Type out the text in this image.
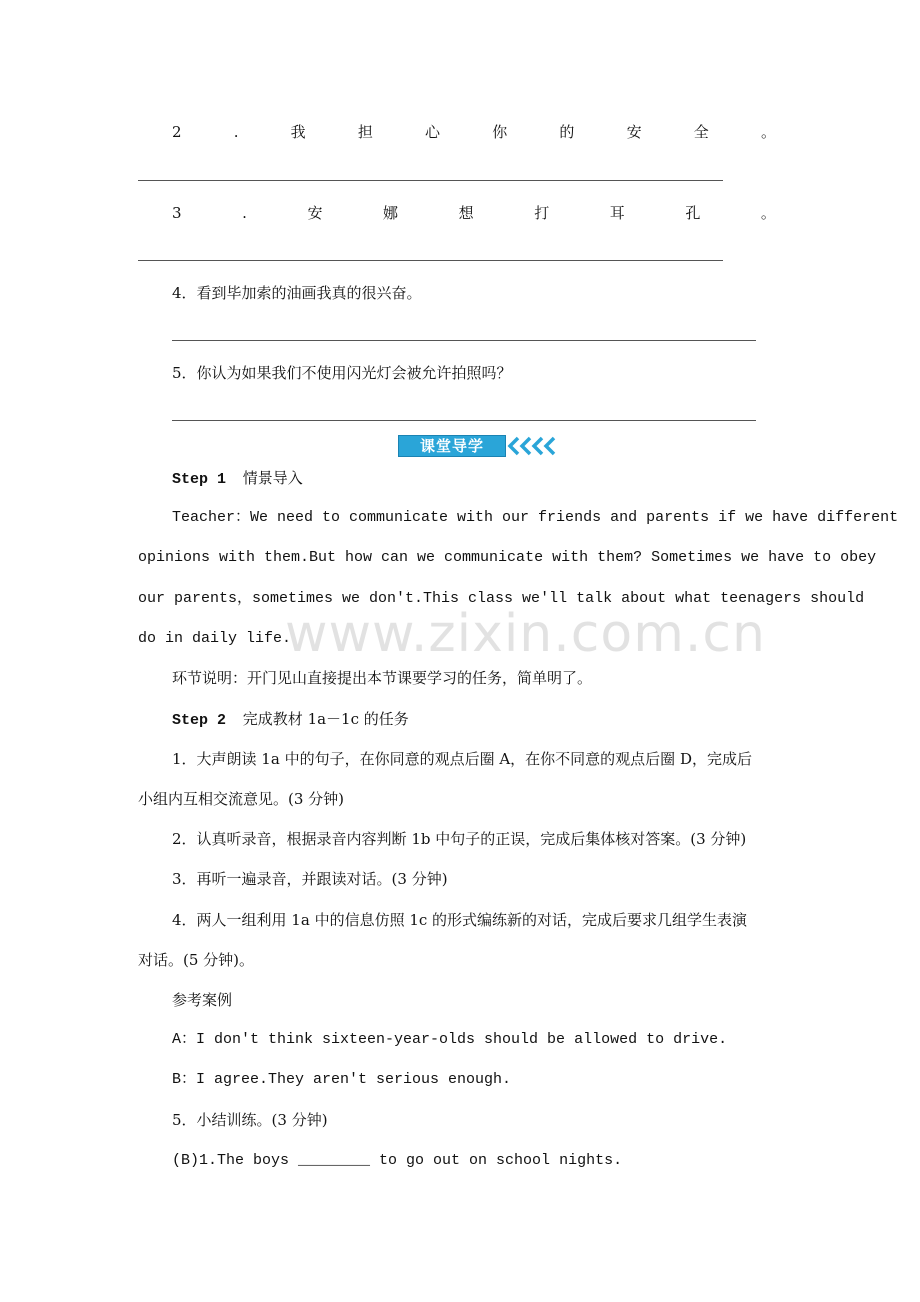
2	.	我	担	心	你	的	安	全	。
3	.	安	娜	想	打	耳	孔	。
4．看到毕加索的油画我真的很兴奋。
5．你认为如果我们不使用闪光灯会被允许拍照吗？
课堂导学
Step 1 情景导入
Teacher：We need to communicate with our friends and parents if we have different
opinions with them.But how can we communicate with them? Sometimes we have to obey
our parents，sometimes we don't.This class we'll talk about what teenagers should
do in daily life.
www.zixin.com.cn
环节说明：开门见山直接提出本节课要学习的任务，简单明了。
Step 2 完成教材 1a－1c 的任务
1．大声朗读 1a 中的句子，在你同意的观点后圈 A，在你不同意的观点后圈 D，完成后
小组内互相交流意见。(3 分钟)
2．认真听录音，根据录音内容判断 1b 中句子的正误，完成后集体核对答案。(3 分钟)
3．再听一遍录音，并跟读对话。(3 分钟)
4．两人一组利用 1a 中的信息仿照 1c 的形式编练新的对话，完成后要求几组学生表演
对话。(5 分钟)。
参考案例
A：I don't think sixteen-year-olds should be allowed to drive.
B：I agree.They aren't serious enough.
5．小结训练。(3 分钟)
(B)1.The boys ________ to go out on school nights.
